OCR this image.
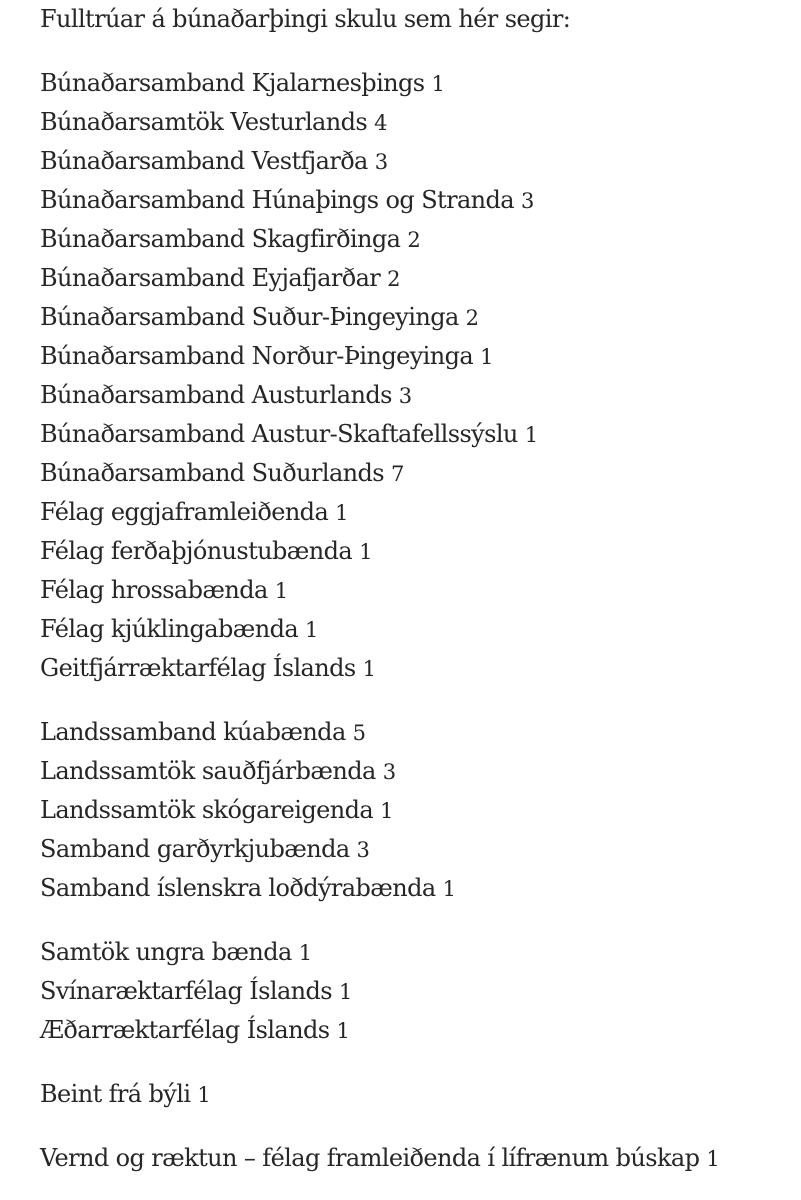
Fulltrúar á búnaðarþingi skulu sem hér segir:
Búnaðarsamband Kjalarnesþings 1
Búnaðarsamtök Vesturlands 4
Búnaðarsamband Vestfjarða 3
Búnaðarsamband Húnaþings og Stranda 3
Búnaðarsamband Skagfirðinga 2
Búnaðarsamband Eyjafjarðar 2
Búnaðarsamband Suður-Þingeyinga 2
Búnaðarsamband Norður-Þingeyinga 1
Búnaðarsamband Austurlands 3
Búnaðarsamband Austur-Skaftafellssýslu 1
Búnaðarsamband Suðurlands 7
Félag eggjaframleiðenda 1
Félag ferðaþjónustubænda 1
Félag hrossabænda 1
Félag kjúklingabænda 1
Geitfjárræktarfélag Íslands 1
Landssamband kúabænda 5
Landssamtök sauðfjárbænda 3
Landssamtök skógareigenda 1
Samband garðyrkjubænda 3
Samband íslenskra loðdýrabænda 1
Samtök ungra bænda 1
Svínaræktarfélag Íslands 1
Æðarræktarfélag Íslands 1
Beint frá býli 1
Vernd og ræktun – félag framleiðenda í lífrænum búskap 1
